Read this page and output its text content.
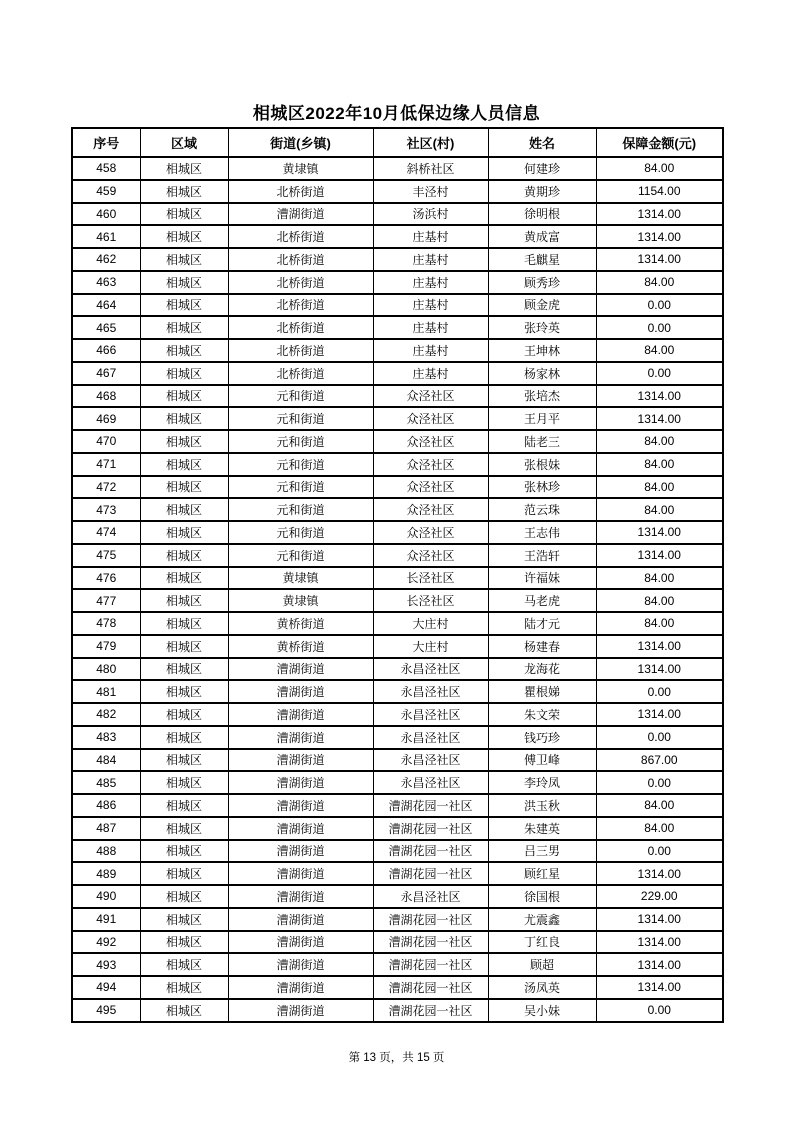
相城区2022年10月低保边缘人员信息
序号	区域	街道(乡镇)	社区(村)	姓名	保障金额(元)
458	相城区	黄埭镇	斜桥社区	何建珍	84.00
459	相城区	北桥街道	丰泾村	黄期珍	1154.00
460	相城区	漕湖街道	汤浜村	徐明根	1314.00
461	相城区	北桥街道	庄基村	黄成富	1314.00
462	相城区	北桥街道	庄基村	毛麒星	1314.00
463	相城区	北桥街道	庄基村	顾秀珍	84.00
464	相城区	北桥街道	庄基村	顾金虎	0.00
465	相城区	北桥街道	庄基村	张玲英	0.00
466	相城区	北桥街道	庄基村	王坤林	84.00
467	相城区	北桥街道	庄基村	杨家林	0.00
468	相城区	元和街道	众泾社区	张培杰	1314.00
469	相城区	元和街道	众泾社区	王月平	1314.00
470	相城区	元和街道	众泾社区	陆老三	84.00
471	相城区	元和街道	众泾社区	张根妹	84.00
472	相城区	元和街道	众泾社区	张林珍	84.00
473	相城区	元和街道	众泾社区	范云珠	84.00
474	相城区	元和街道	众泾社区	王志伟	1314.00
475	相城区	元和街道	众泾社区	王浩轩	1314.00
476	相城区	黄埭镇	长泾社区	许福妹	84.00
477	相城区	黄埭镇	长泾社区	马老虎	84.00
478	相城区	黄桥街道	大庄村	陆才元	84.00
479	相城区	黄桥街道	大庄村	杨建春	1314.00
480	相城区	漕湖街道	永昌泾社区	龙海花	1314.00
481	相城区	漕湖街道	永昌泾社区	瞿根娣	0.00
482	相城区	漕湖街道	永昌泾社区	朱文荣	1314.00
483	相城区	漕湖街道	永昌泾社区	钱巧珍	0.00
484	相城区	漕湖街道	永昌泾社区	傅卫峰	867.00
485	相城区	漕湖街道	永昌泾社区	李玲凤	0.00
486	相城区	漕湖街道	漕湖花园一社区	洪玉秋	84.00
487	相城区	漕湖街道	漕湖花园一社区	朱建英	84.00
488	相城区	漕湖街道	漕湖花园一社区	吕三男	0.00
489	相城区	漕湖街道	漕湖花园一社区	顾红星	1314.00
490	相城区	漕湖街道	永昌泾社区	徐国根	229.00
491	相城区	漕湖街道	漕湖花园一社区	尤震鑫	1314.00
492	相城区	漕湖街道	漕湖花园一社区	丁红良	1314.00
493	相城区	漕湖街道	漕湖花园一社区	顾超	1314.00
494	相城区	漕湖街道	漕湖花园一社区	汤凤英	1314.00
495	相城区	漕湖街道	漕湖花园一社区	吴小妹	0.00
第 13 页，共 15 页
